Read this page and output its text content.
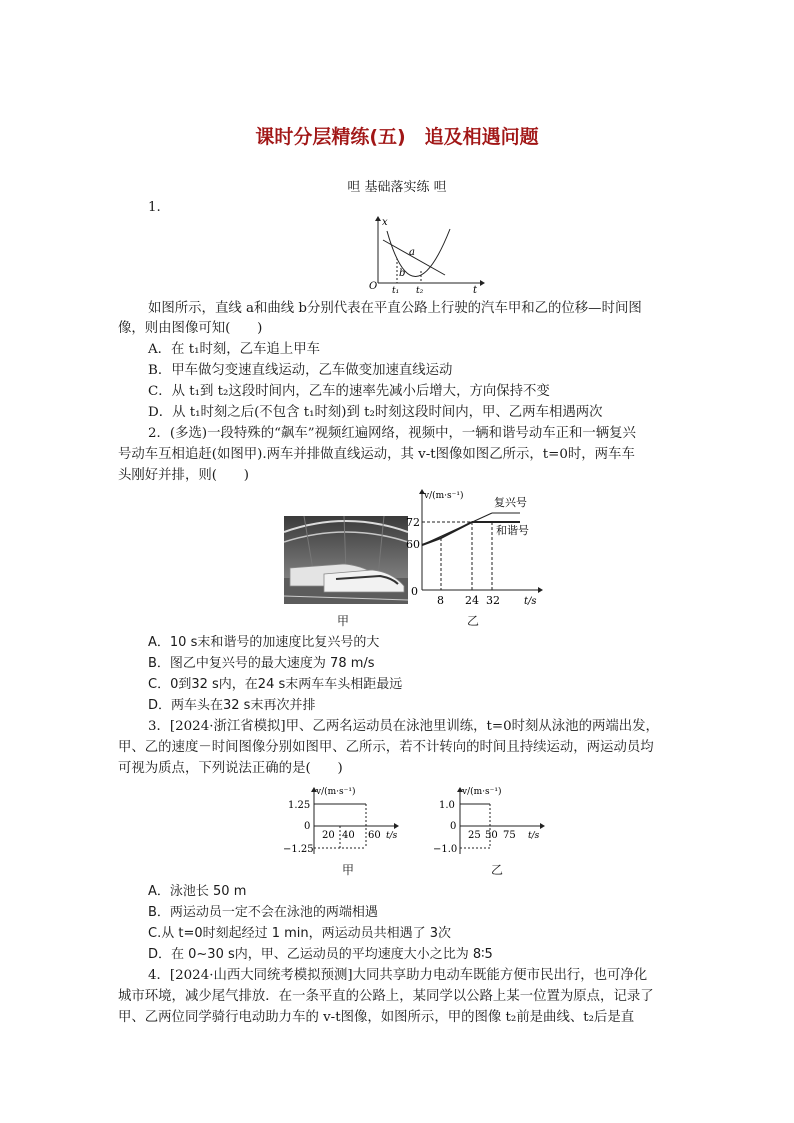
课时分层精练(五)　追及相遇问题
呾 基础落实练 呾
1.
x
O
a
b
t₁ t₂	t
如图所示，直线 a和曲线 b分别代表在平直公路上行驶的汽车甲和乙的位移—时间图
像，则由图像可知(　　)
A．在 t₁时刻，乙车追上甲车
B．甲车做匀变速直线运动，乙车做变加速直线运动
C．从 t₁到 t₂这段时间内，乙车的速率先减小后增大，方向保持不变
D．从 t₁时刻之后(不包含 t₁时刻)到 t₂时刻这段时间内，甲、乙两车相遇两次
2．(多选)一段特殊的“飙车”视频红遍网络，视频中，一辆和谐号动车正和一辆复兴
号动车互相追赶(如图甲).两车并排做直线运动，其 v-t图像如图乙所示，t=0时，两车车
头刚好并排，则(　　)
甲
v/(m·s⁻¹)	复兴号
和谐号
72
60
0
8 24 32 t/s
乙
A．10 s末和谐号的加速度比复兴号的大
B．图乙中复兴号的最大速度为 78 m/s
C．0到32 s内，在24 s末两车车头相距最远
D．两车头在32 s末再次并排
3．[2024·浙江省模拟]甲、乙两名运动员在泳池里训练，t=0时刻从泳池的两端出发，
甲、乙的速度－时间图像分别如图甲、乙所示，若不计转向的时间且持续运动，两运动员均
可视为质点，下列说法正确的是(　　)
v/(m·s⁻¹)
1.25
0
−1.25
20 40 60 t/s
甲
v/(m·s⁻¹)
1.0
0
−1.0
25 50 75 t/s
乙
A．泳池长 50 m
B．两运动员一定不会在泳池的两端相遇
C.从 t=0时刻起经过 1 min，两运动员共相遇了 3次
D．在 0~30 s内，甲、乙运动员的平均速度大小之比为 8∶5
4．[2024·山西大同统考模拟预测]大同共享助力电动车既能方便市民出行，也可净化
城市环境，减少尾气排放．在一条平直的公路上，某同学以公路上某一位置为原点，记录了
甲、乙两位同学骑行电动助力车的 v-t图像，如图所示，甲的图像 t₂前是曲线、t₂后是直
